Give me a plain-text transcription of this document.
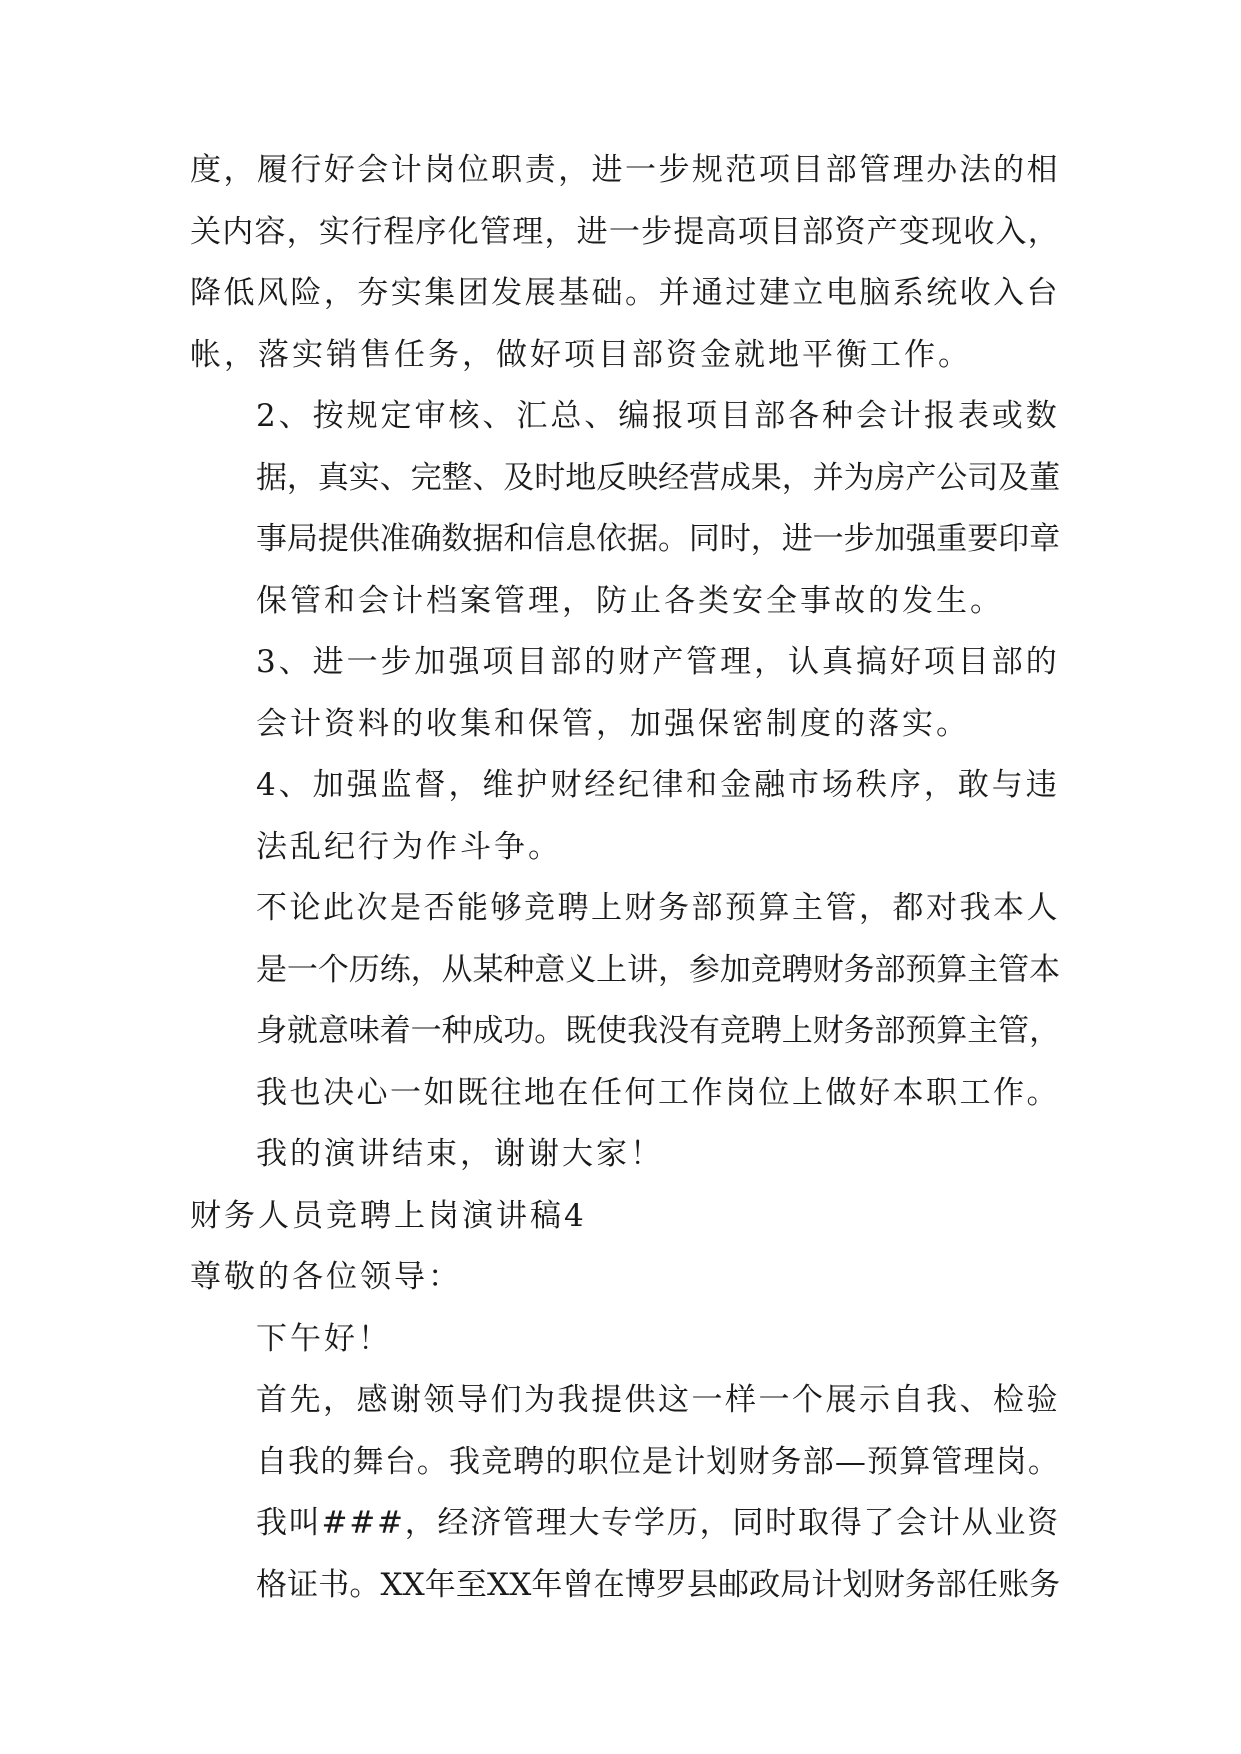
度，履行好会计岗位职责，进一步规范项目部管理办法的相
关内容，实行程序化管理，进一步提高项目部资产变现收入，
降低风险，夯实集团发展基础。并通过建立电脑系统收入台
帐，落实销售任务，做好项目部资金就地平衡工作。
2、按规定审核、汇总、编报项目部各种会计报表或数
据，真实、完整、及时地反映经营成果，并为房产公司及董
事局提供准确数据和信息依据。同时，进一步加强重要印章
保管和会计档案管理，防止各类安全事故的发生。
3、进一步加强项目部的财产管理，认真搞好项目部的
会计资料的收集和保管，加强保密制度的落实。
4、加强监督，维护财经纪律和金融市场秩序，敢与违
法乱纪行为作斗争。
不论此次是否能够竞聘上财务部预算主管，都对我本人
是一个历练，从某种意义上讲，参加竞聘财务部预算主管本
身就意味着一种成功。既使我没有竞聘上财务部预算主管，
我也决心一如既往地在任何工作岗位上做好本职工作。
我的演讲结束，谢谢大家！
财务人员竞聘上岗演讲稿4
尊敬的各位领导：
下午好！
首先，感谢领导们为我提供这一样一个展示自我、检验
自我的舞台。我竞聘的职位是计划财务部—预算管理岗。
我叫###，经济管理大专学历，同时取得了会计从业资
格证书。XX年至XX年曾在博罗县邮政局计划财务部任账务
